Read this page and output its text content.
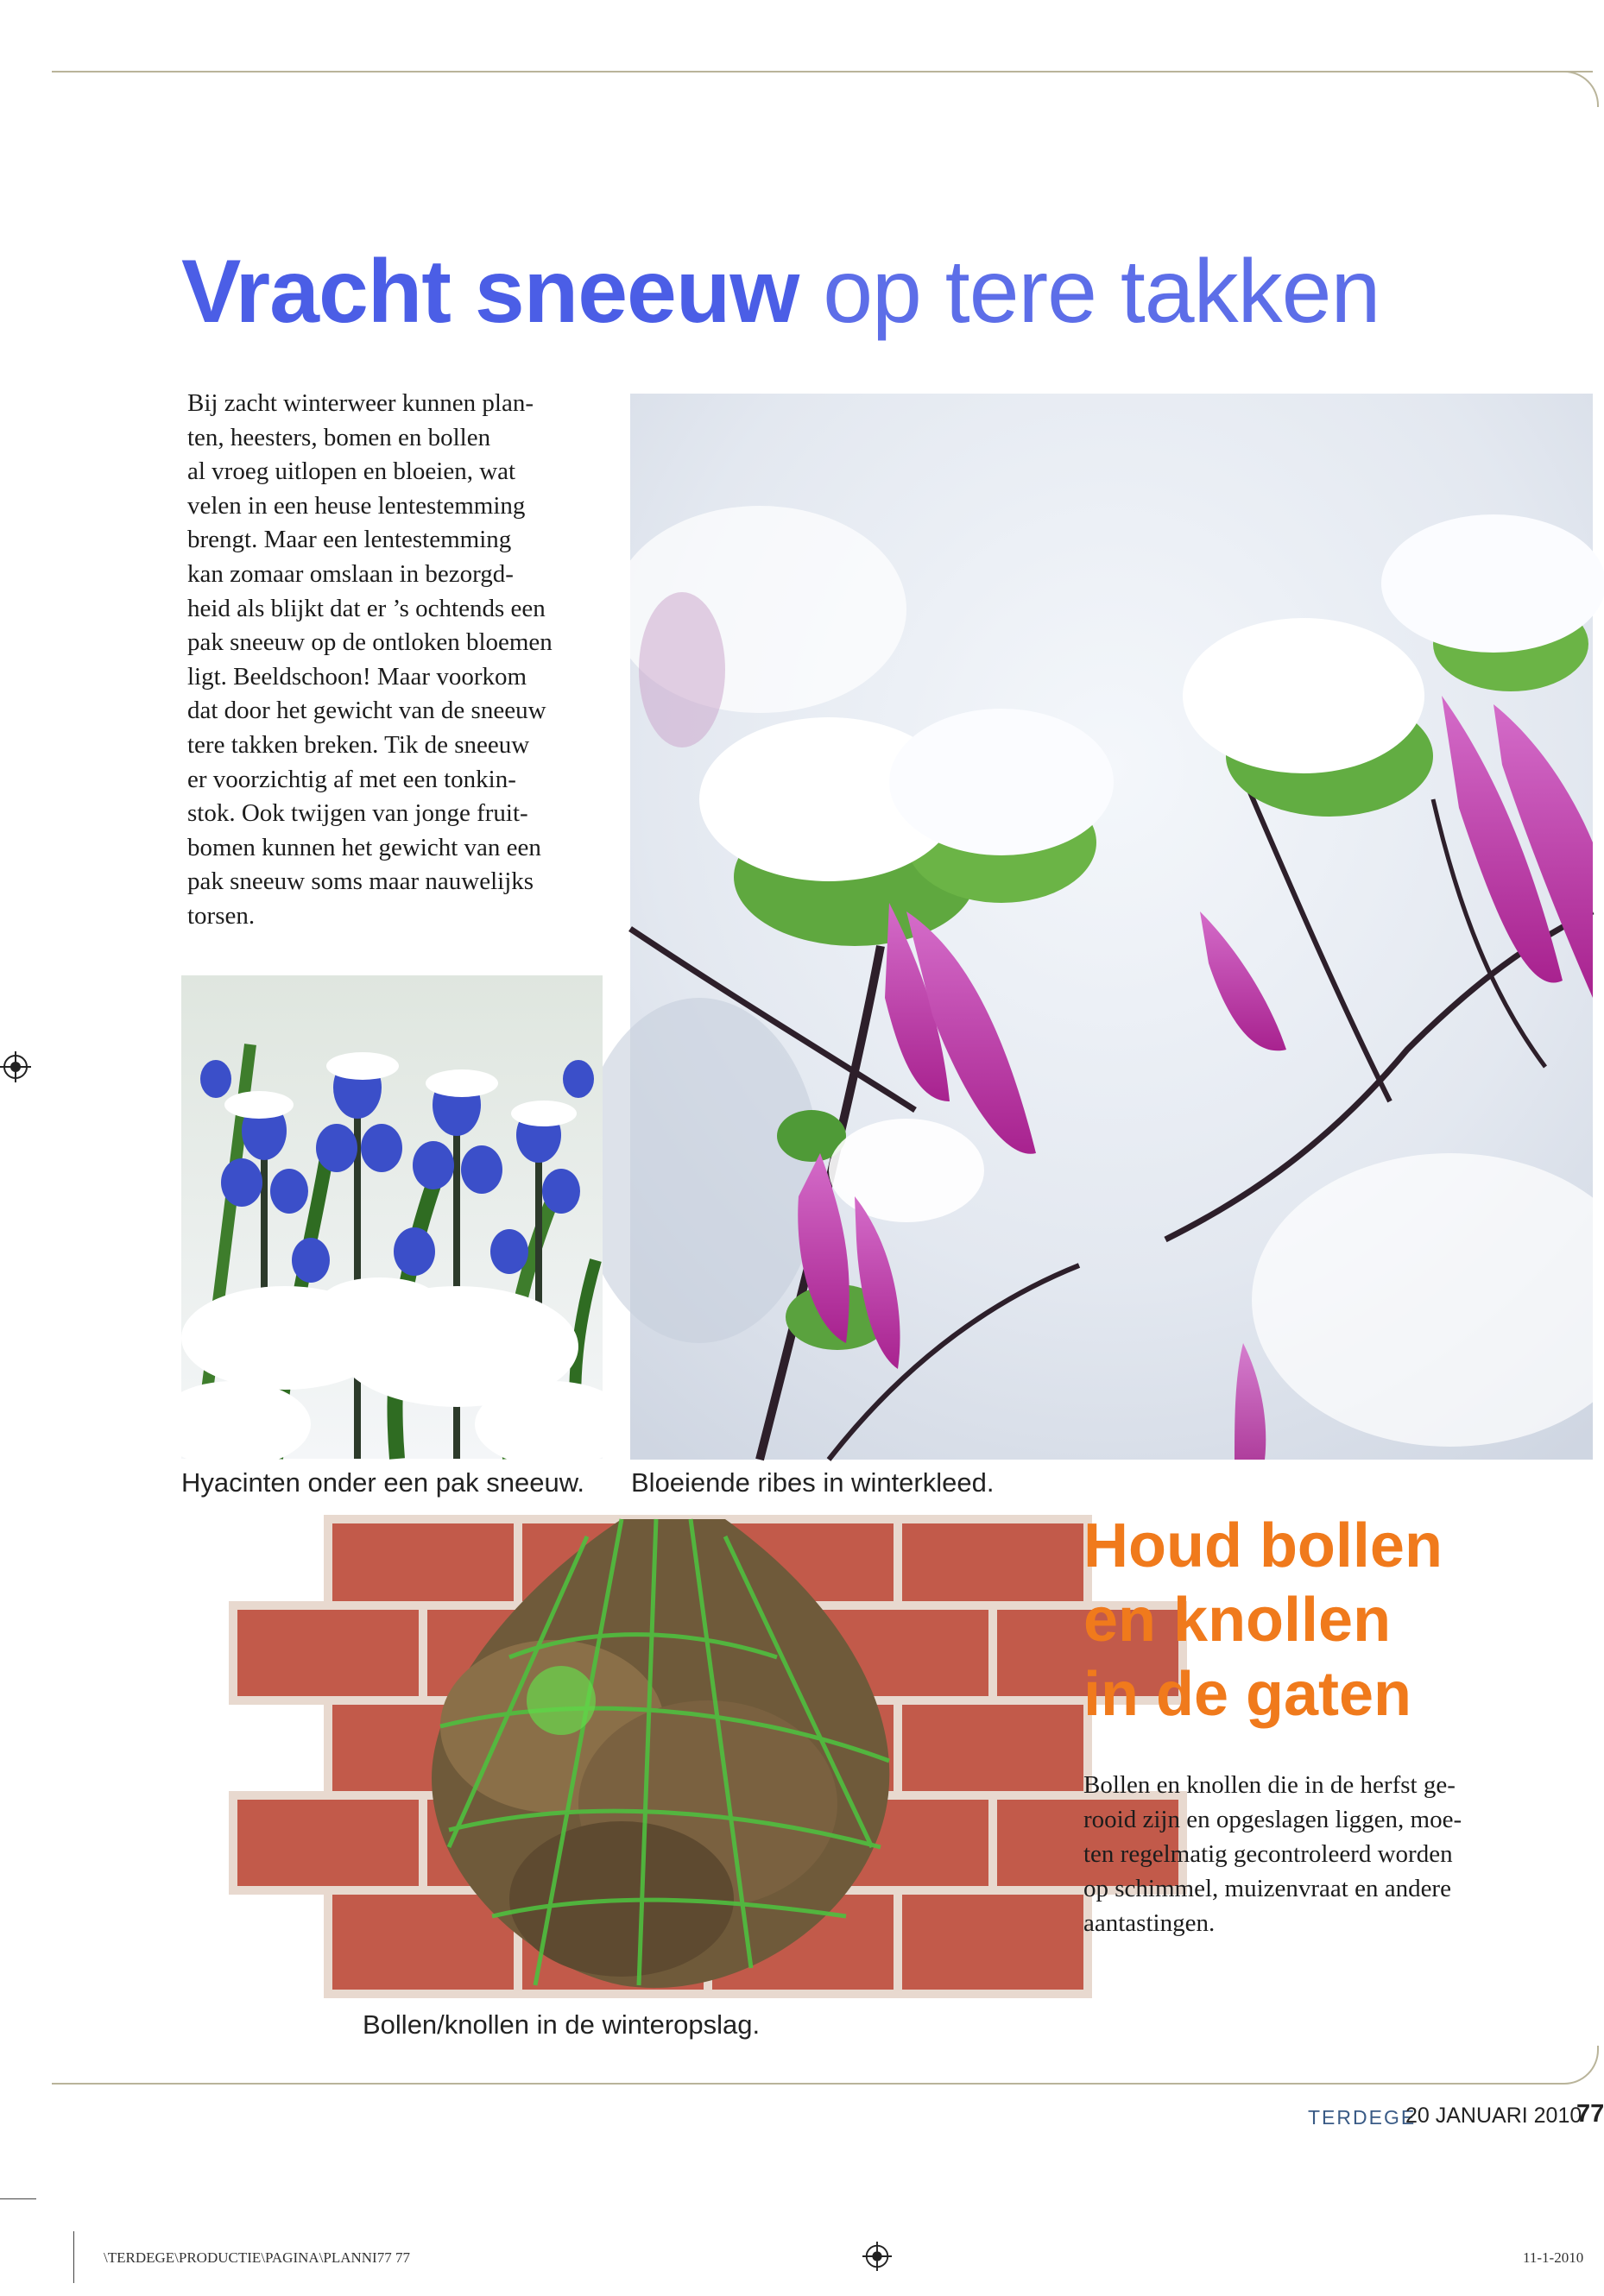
Vracht sneeuw op tere takken
Bij zacht winterweer kunnen plan-
ten, heesters, bomen en bollen
al vroeg uitlopen en bloeien, wat
velen in een heuse lentestemming
brengt. Maar een lentestemming
kan zomaar omslaan in bezorgd-
heid als blijkt dat er ’s ochtends een
pak sneeuw op de ontloken bloemen
ligt. Beeldschoon! Maar voorkom
dat door het gewicht van de sneeuw
tere takken breken. Tik de sneeuw
er voorzichtig af met een tonkin-
stok. Ook twijgen van jonge fruit-
bomen kunnen het gewicht van een
pak sneeuw soms maar nauwelijks
torsen.
Hyacinten onder een pak sneeuw. Bloeiende ribes in winterkleed.
Bollen/knollen in de winteropslag.
Houd bollen
en knollen
in de gaten
Bollen en knollen die in de herfst ge-
rooid zijn en opgeslagen liggen, moe-
ten regelmatig gecontroleerd worden
op schimmel, muizenvraat en andere
aantastingen.
TERDEGE
20 JANUARI 2010
77
\TERDEGE\PRODUCTIE\PAGINA\PLANNI77 77	11-1-2010
